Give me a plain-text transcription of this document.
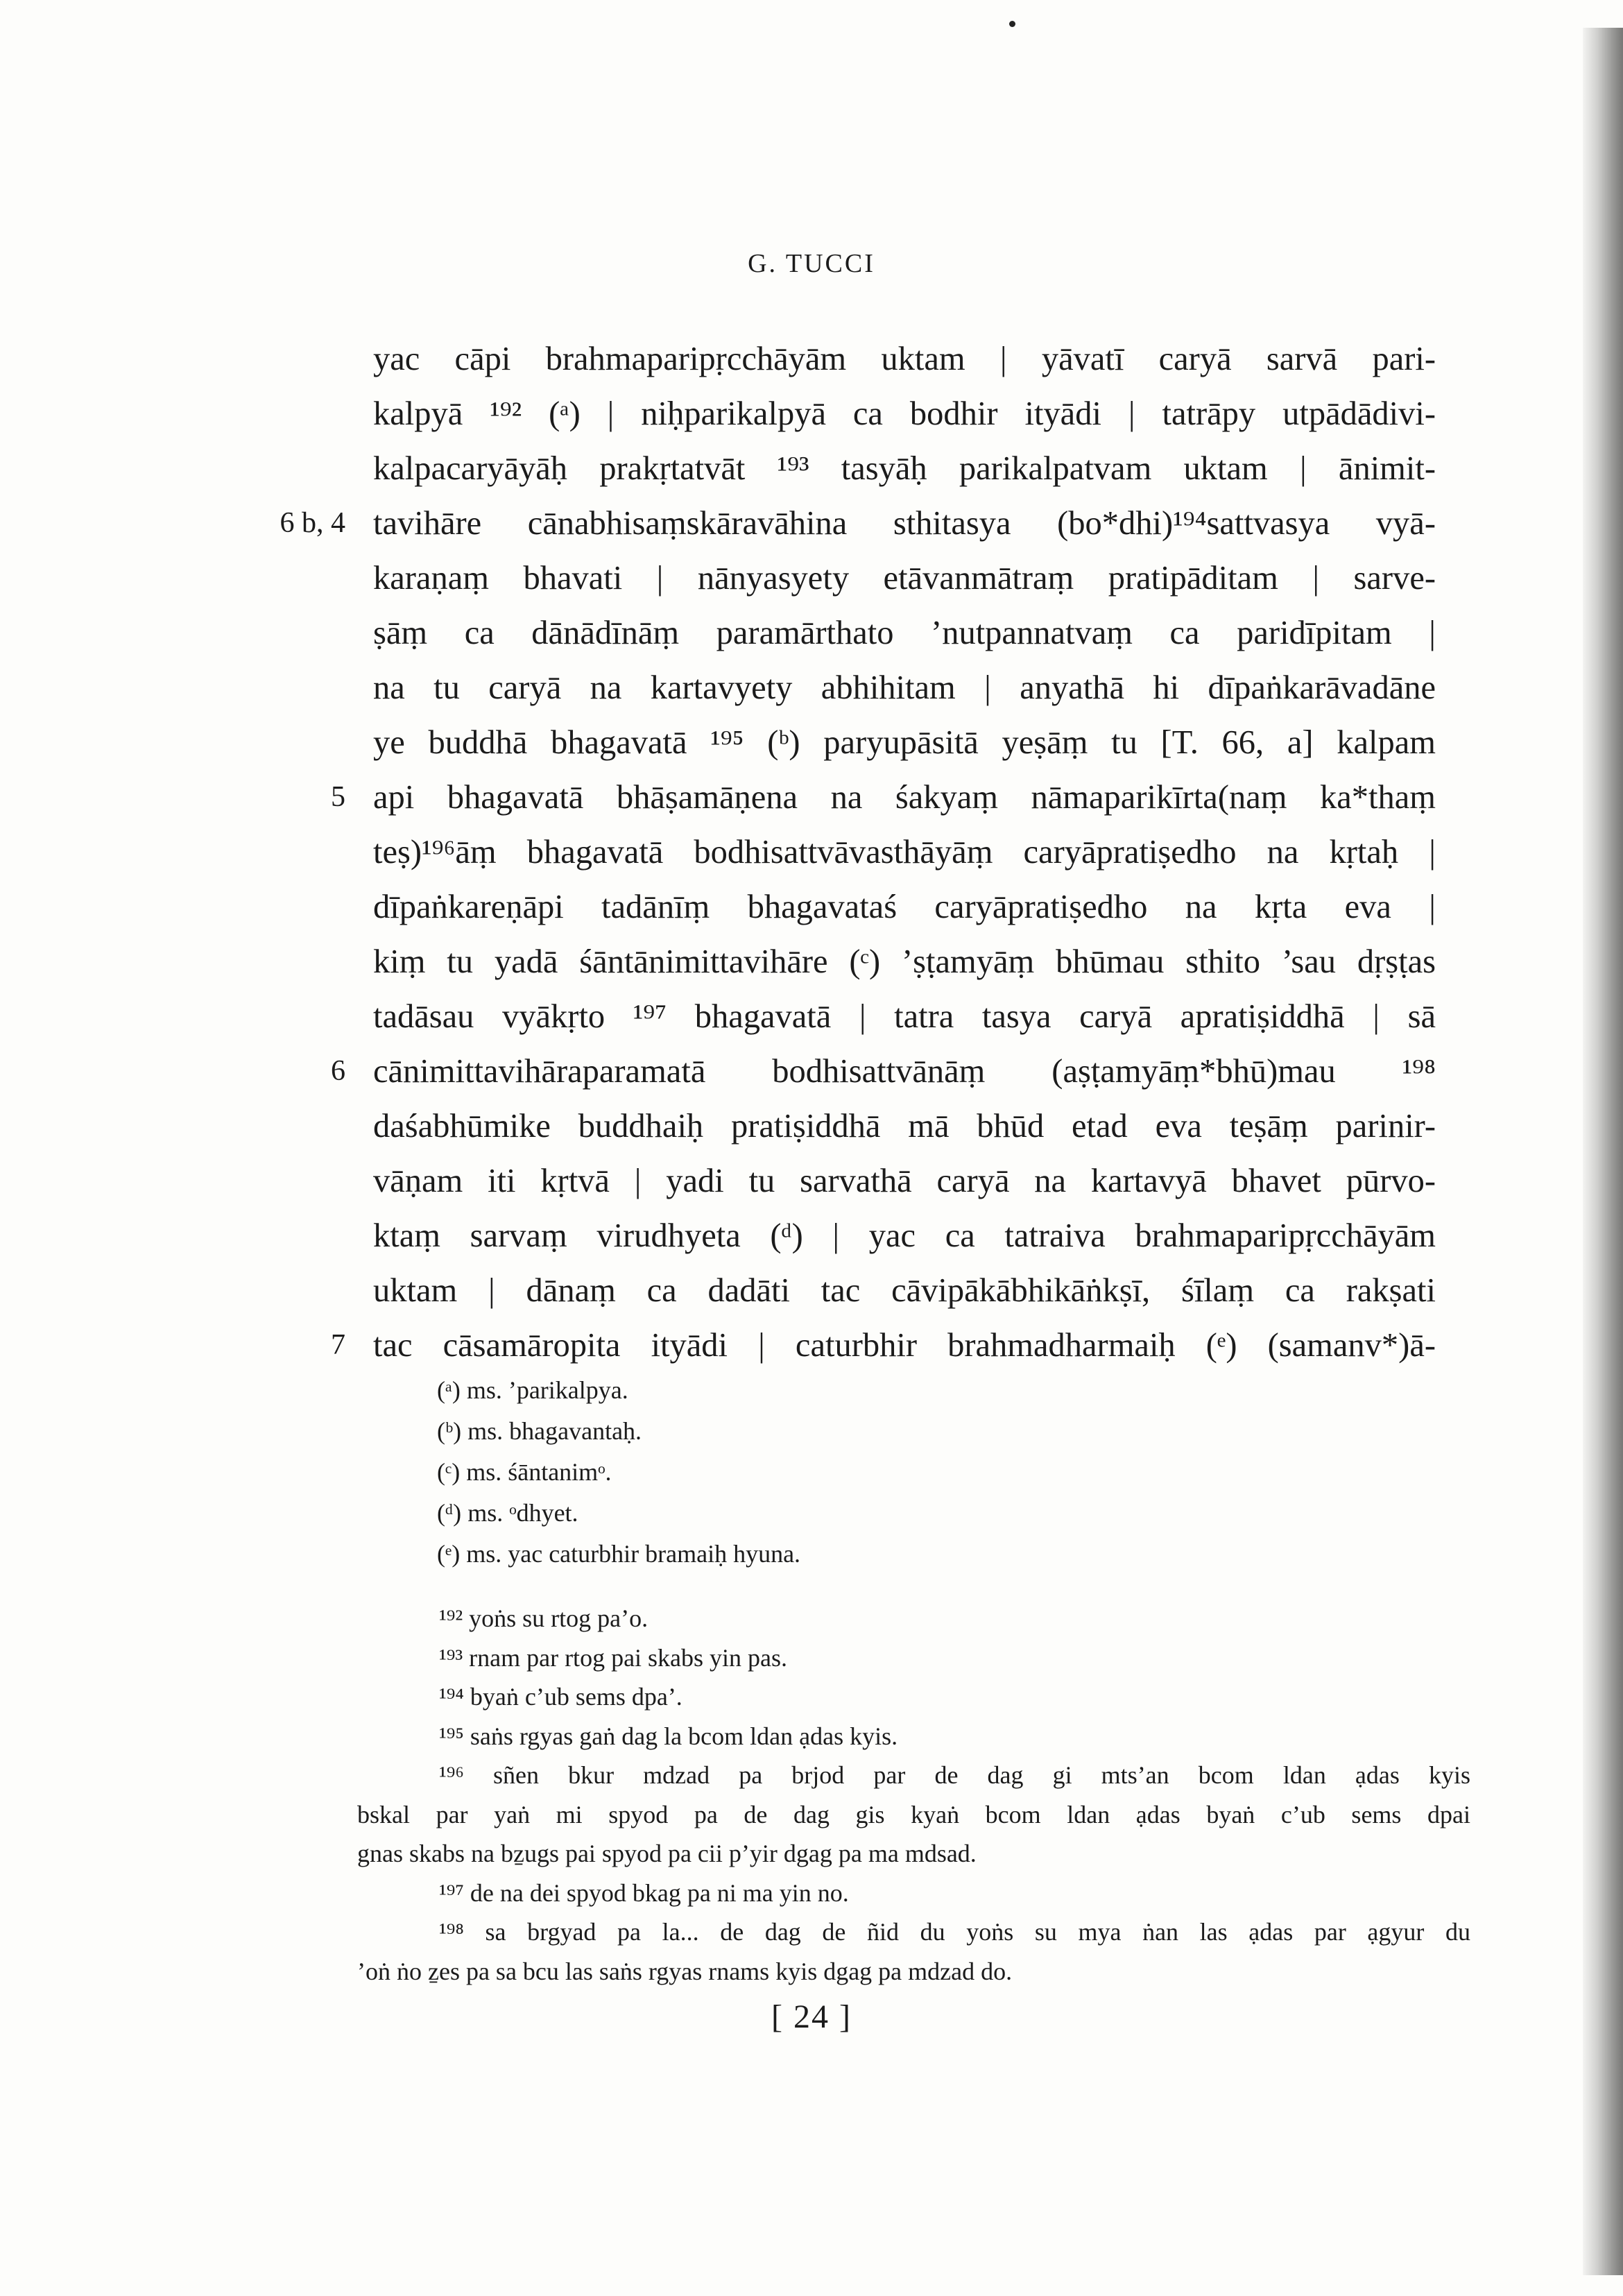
G. TUCCI
yac cāpi brahmaparipṛcchāyām uktam | yāvatī caryā sarvā pari-
kalpyā ¹⁹² (ᵃ) | niḥparikalpyā ca bodhir ityādi | tatrāpy utpādādivi-
kalpacaryāyāḥ prakṛtatvāt ¹⁹³ tasyāḥ parikalpatvam uktam | ānimit-
6 b, 4 tavihāre cānabhisaṃskāravāhina sthitasya (bo*dhi)¹⁹⁴sattvasya vyā-
karaṇaṃ bhavati | nānyasyety etāvanmātraṃ pratipāditam | sarve-
ṣāṃ ca dānādīnāṃ paramārthato ’nutpannatvaṃ ca paridīpitam |
na tu caryā na kartavyety abhihitam | anyathā hi dīpaṅkarāvadāne
ye buddhā bhagavatā ¹⁹⁵ (ᵇ) paryupāsitā yeṣāṃ tu [T. 66, a] kalpam
5 api bhagavatā bhāṣamāṇena na śakyaṃ nāmaparikīrta(naṃ ka*thaṃ
teṣ)¹⁹⁶āṃ bhagavatā bodhisattvāvasthāyāṃ caryāpratiṣedho na kṛtaḥ |
dīpaṅkareṇāpi tadānīṃ bhagavataś caryāpratiṣedho na kṛta eva |
kiṃ tu yadā śāntānimittavihāre (ᶜ) ’ṣṭamyāṃ bhūmau sthito ’sau dṛṣṭas
tadāsau vyākṛto ¹⁹⁷ bhagavatā | tatra tasya caryā apratiṣiddhā | sā
6 cānimittavihāraparamatā bodhisattvānāṃ (aṣṭamyāṃ*bhū)mau ¹⁹⁸
daśabhūmike buddhaiḥ pratiṣiddhā mā bhūd etad eva teṣāṃ parinir-
vāṇam iti kṛtvā | yadi tu sarvathā caryā na kartavyā bhavet pūrvo-
ktaṃ sarvaṃ virudhyeta (ᵈ) | yac ca tatraiva brahmaparipṛcchāyām
uktam | dānaṃ ca dadāti tac cāvipākābhikāṅkṣī, śīlaṃ ca rakṣati
7 tac cāsamāropita ityādi | caturbhir brahmadharmaiḥ (ᵉ) (samanv*)ā-
(ᵃ) ms. ’parikalpya.
(ᵇ) ms. bhagavantaḥ.
(ᶜ) ms. śāntanimᵒ.
(ᵈ) ms. ᵒdhyet.
(ᵉ) ms. yac caturbhir bramaiḥ hyuna.
¹⁹² yoṅs su rtog pa’o.
¹⁹³ rnam par rtog pai skabs yin pas.
¹⁹⁴ byaṅ c’ub sems dpa’.
¹⁹⁵ saṅs rgyas gaṅ dag la bcom ldan ạdas kyis.
¹⁹⁶ sñen bkur mdzad pa brjod par de dag gi mts’an bcom ldan ạdas kyis
bskal par yaṅ mi spyod pa de dag gis kyaṅ bcom ldan ạdas byaṅ c’ub sems dpai
gnas skabs na bẕugs pai spyod pa cii p’yir dgag pa ma mdsad.
¹⁹⁷ de na dei spyod bkag pa ni ma yin no.
¹⁹⁸ sa brgyad pa la... de dag de ñid du yoṅs su mya ṅan las ạdas par ạgyur du
’oṅ ṅo ẕes pa sa bcu las saṅs rgyas rnams kyis dgag pa mdzad do.
[ 24 ]
